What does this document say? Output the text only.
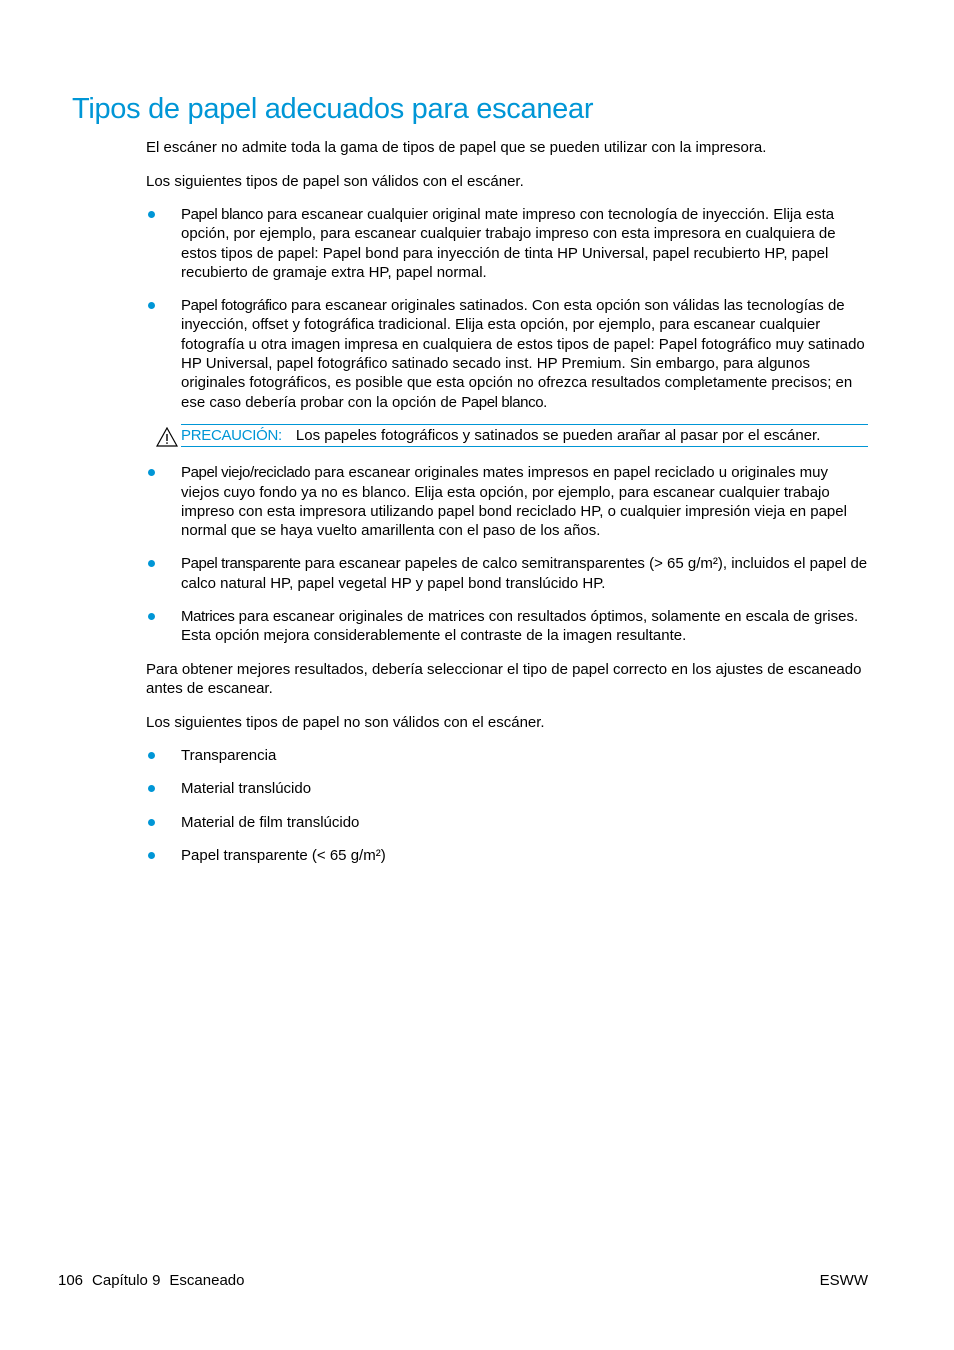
Tipos de papel adecuados para escanear

El escáner no admite toda la gama de tipos de papel que se pueden utilizar con la impresora.

Los siguientes tipos de papel son válidos con el escáner.

Papel blanco para escanear cualquier original mate impreso con tecnología de inyección. Elija esta opción, por ejemplo, para escanear cualquier trabajo impreso con esta impresora en cualquiera de estos tipos de papel: Papel bond para inyección de tinta HP Universal, papel recubierto HP, papel recubierto de gramaje extra HP, papel normal.
Papel fotográfico para escanear originales satinados. Con esta opción son válidas las tecnologías de inyección, offset y fotográfica tradicional. Elija esta opción, por ejemplo, para escanear cualquier fotografía u otra imagen impresa en cualquiera de estos tipos de papel: Papel fotográfico muy satinado HP Universal, papel fotográfico satinado secado inst. HP Premium. Sin embargo, para algunos originales fotográficos, es posible que esta opción no ofrezca resultados completamente precisos; en ese caso debería probar con la opción de Papel blanco.
PRECAUCIÓN: Los papeles fotográficos y satinados se pueden arañar al pasar por el escáner.
Papel viejo/reciclado para escanear originales mates impresos en papel reciclado u originales muy viejos cuyo fondo ya no es blanco. Elija esta opción, por ejemplo, para escanear cualquier trabajo impreso con esta impresora utilizando papel bond reciclado HP, o cualquier impresión vieja en papel normal que se haya vuelto amarillenta con el paso de los años.
Papel transparente para escanear papeles de calco semitransparentes (> 65 g/m²), incluidos el papel de calco natural HP, papel vegetal HP y papel bond translúcido HP.
Matrices para escanear originales de matrices con resultados óptimos, solamente en escala de grises. Esta opción mejora considerablemente el contraste de la imagen resultante.

Para obtener mejores resultados, debería seleccionar el tipo de papel correcto en los ajustes de escaneado antes de escanear.

Los siguientes tipos de papel no son válidos con el escáner.

Transparencia
Material translúcido
Material de film translúcido
Papel transparente (< 65 g/m²)
106 Capítulo 9 Escaneado	ESWW
